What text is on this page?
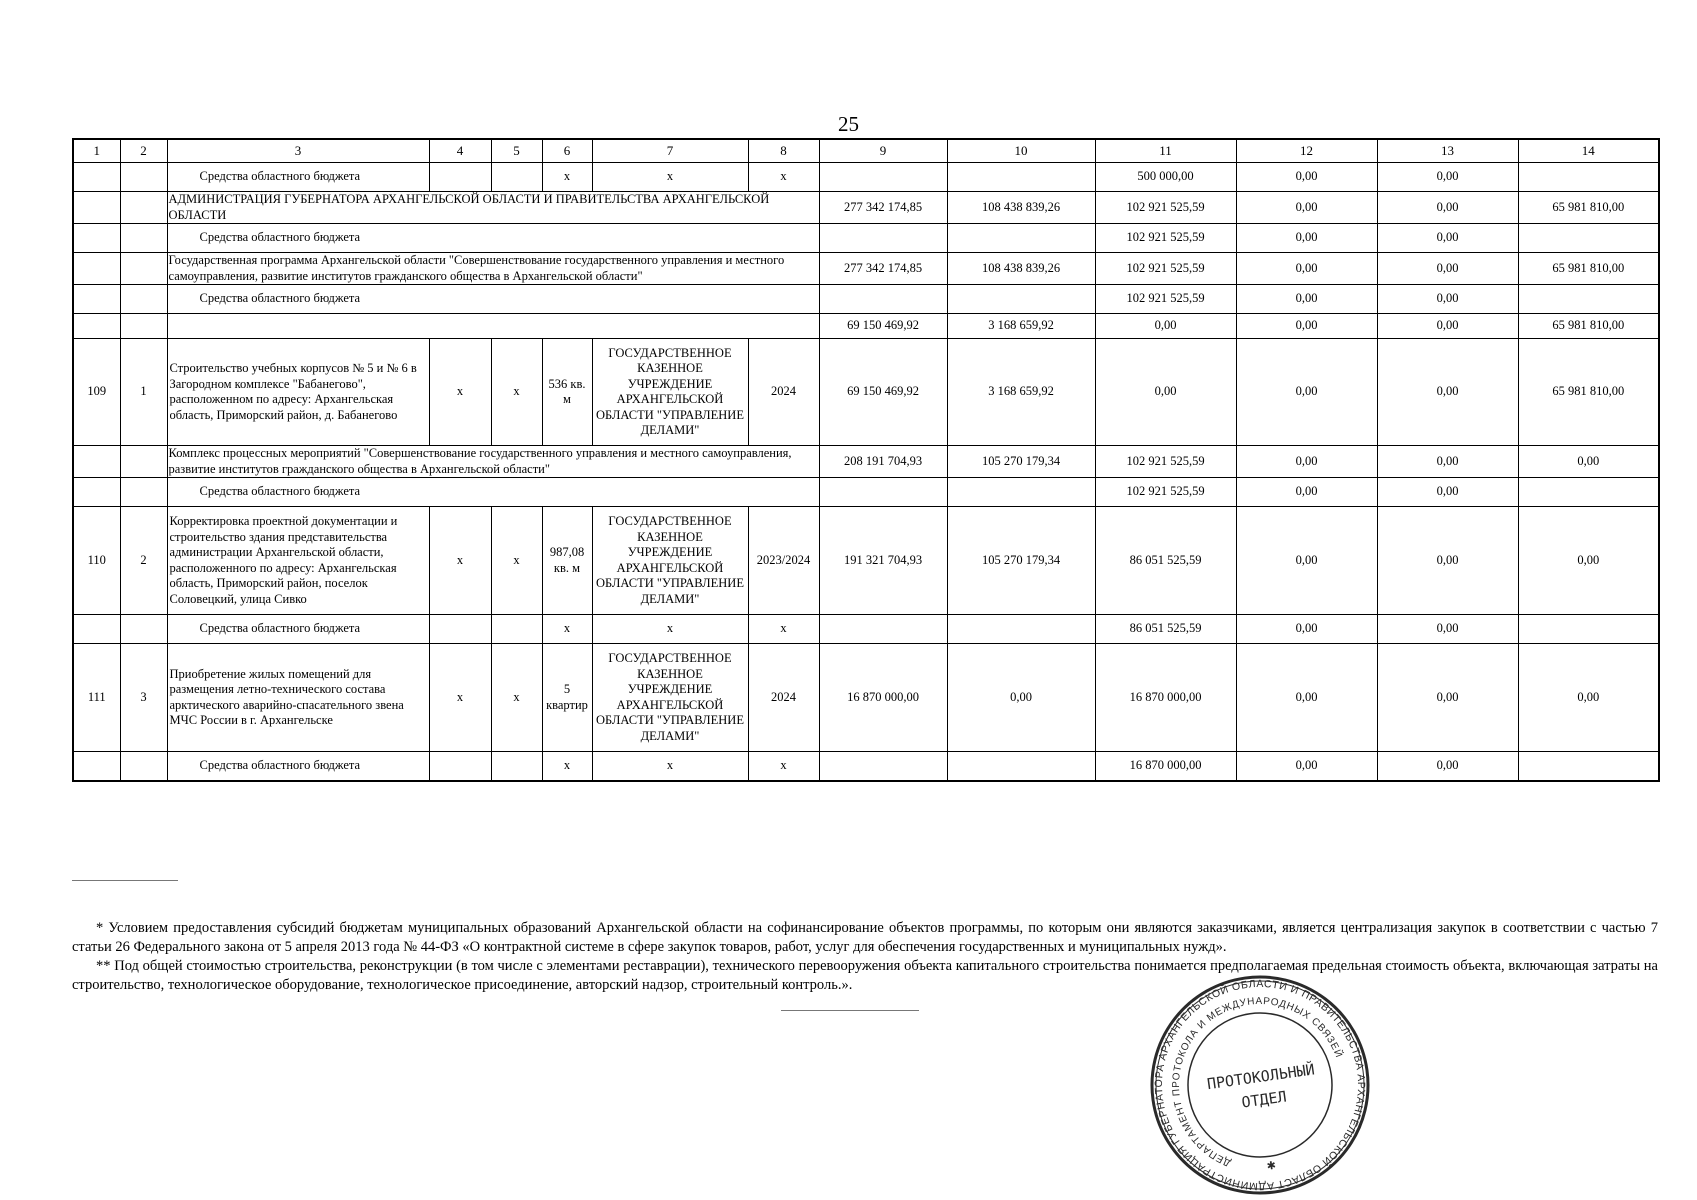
25
1	2	3	4	5	6	7	8	9	10	11	12	13	14
		Средства областного бюджета			х	х	х			500 000,00	0,00	0,00	
		АДМИНИСТРАЦИЯ ГУБЕРНАТОРА АРХАНГЕЛЬСКОЙ ОБЛАСТИ И ПРАВИТЕЛЬСТВА АРХАНГЕЛЬСКОЙ ОБЛАСТИ						277 342 174,85	108 438 839,26	102 921 525,59	0,00	0,00	65 981 810,00
		Средства областного бюджета								102 921 525,59	0,00	0,00	
		Государственная программа Архангельской области "Совершенствование государственного управления и местного самоуправления, развитие институтов гражданского общества в Архангельской области"						277 342 174,85	108 438 839,26	102 921 525,59	0,00	0,00	65 981 810,00
		Средства областного бюджета								102 921 525,59	0,00	0,00	
								69 150 469,92	3 168 659,92	0,00	0,00	0,00	65 981 810,00
109	1	Строительство учебных корпусов № 5 и № 6 в Загородном комплексе "Бабанегово", расположенном по адресу: Архангельская область, Приморский район, д. Бабанегово	х	х	536 кв. м	ГОСУДАРСТВЕННОЕ КАЗЕННОЕ УЧРЕЖДЕНИЕ АРХАНГЕЛЬСКОЙ ОБЛАСТИ "УПРАВЛЕНИЕ ДЕЛАМИ"	2024	69 150 469,92	3 168 659,92	0,00	0,00	0,00	65 981 810,00
		Комплекс процессных мероприятий "Совершенствование государственного управления и местного самоуправления, развитие институтов гражданского общества в Архангельской области"						208 191 704,93	105 270 179,34	102 921 525,59	0,00	0,00	0,00
		Средства областного бюджета								102 921 525,59	0,00	0,00	
110	2	Корректировка проектной документации и строительство здания представительства администрации Архангельской области, расположенного по адресу: Архангельская область, Приморский район, поселок Соловецкий, улица Сивко	х	х	987,08 кв. м	ГОСУДАРСТВЕННОЕ КАЗЕННОЕ УЧРЕЖДЕНИЕ АРХАНГЕЛЬСКОЙ ОБЛАСТИ "УПРАВЛЕНИЕ ДЕЛАМИ"	2023/2024	191 321 704,93	105 270 179,34	86 051 525,59	0,00	0,00	0,00
		Средства областного бюджета			х	х	х			86 051 525,59	0,00	0,00	
111	3	Приобретение жилых помещений для размещения летно-технического состава арктического аварийно-спасательного звена МЧС России в г. Архангельске	х	х	5 квартир	ГОСУДАРСТВЕННОЕ КАЗЕННОЕ УЧРЕЖДЕНИЕ АРХАНГЕЛЬСКОЙ ОБЛАСТИ "УПРАВЛЕНИЕ ДЕЛАМИ"	2024	16 870 000,00	0,00	16 870 000,00	0,00	0,00	0,00
		Средства областного бюджета			х	х	х			16 870 000,00	0,00	0,00	

* Условием предоставления субсидий бюджетам муниципальных образований Архангельской области на софинансирование объектов программы, по которым они являются заказчиками, является централизация закупок в соответствии с частью 7 статьи 26 Федерального закона от 5 апреля 2013 года № 44-ФЗ «О контрактной системе в сфере закупок товаров, работ, услуг для обеспечения государственных и муниципальных нужд».

** Под общей стоимостью строительства, реконструкции (в том числе с элементами реставрации), технического перевооружения объекта капитального строительства понимается предполагаемая предельная стоимость объекта, включающая затраты на строительство, технологическое оборудование, технологическое присоединение, авторский надзор, строительный контроль.».

АДМИНИСТРАЦИЯ ГУБЕРНАТОРА АРХАНГЕЛЬСКОЙ ОБЛАСТИ И ПРАВИТЕЛЬСТВА АРХАНГЕЛЬСКОЙ ОБЛАСТИ
ДЕПАРТАМЕНТ ПРОТОКОЛА И МЕЖДУНАРОДНЫХ СВЯЗЕЙ
ПРОТОКОЛЬНЫЙ
ОТДЕЛ
✱
